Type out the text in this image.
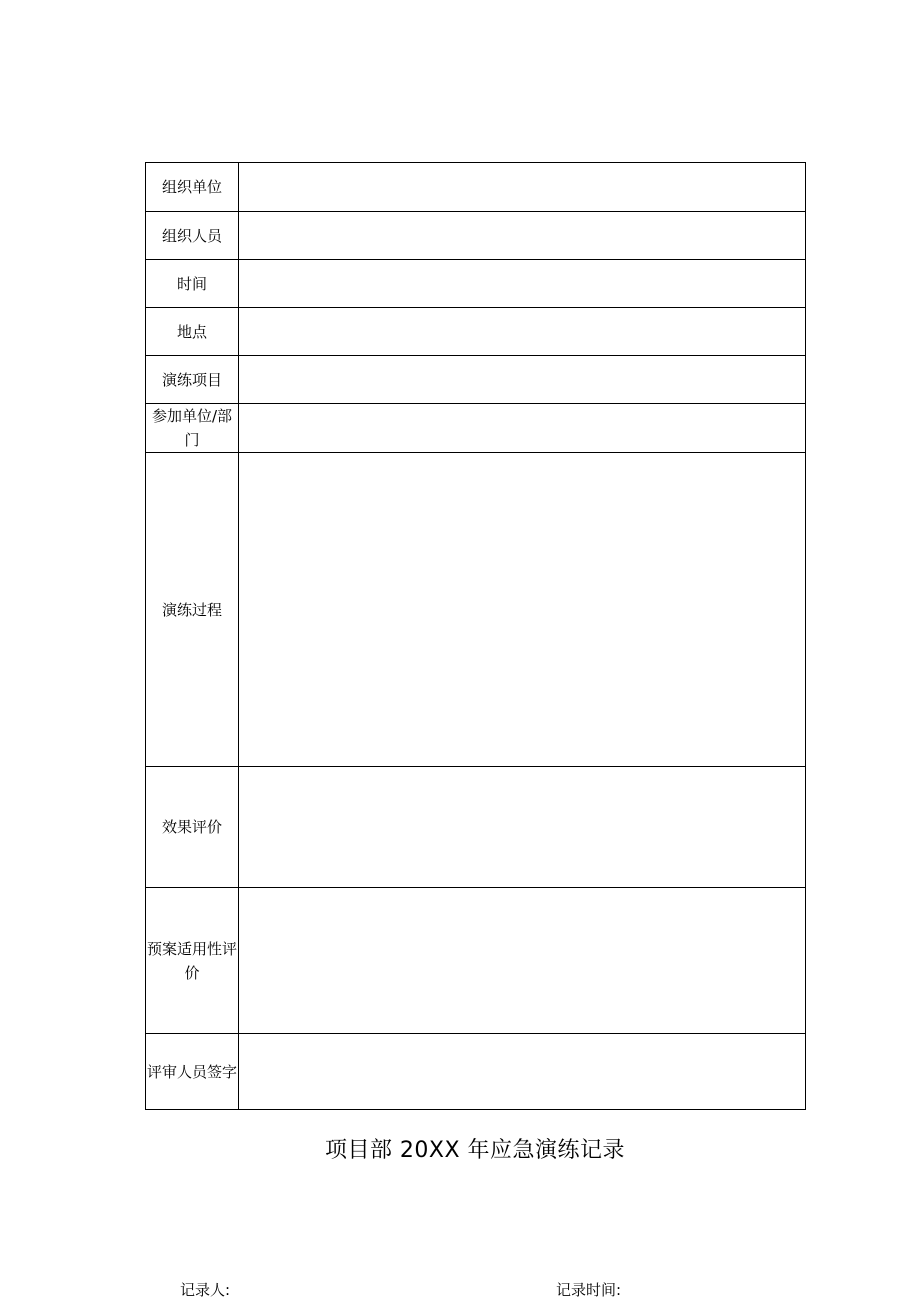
组织单位	
组织人员	
时间	
地点	
演练项目	
参加单位/部门	
演练过程	
效果评价	
预案适用性评价	
评审人员签字	
项目部 20XX 年应急演练记录
记录人:	记录时间:
